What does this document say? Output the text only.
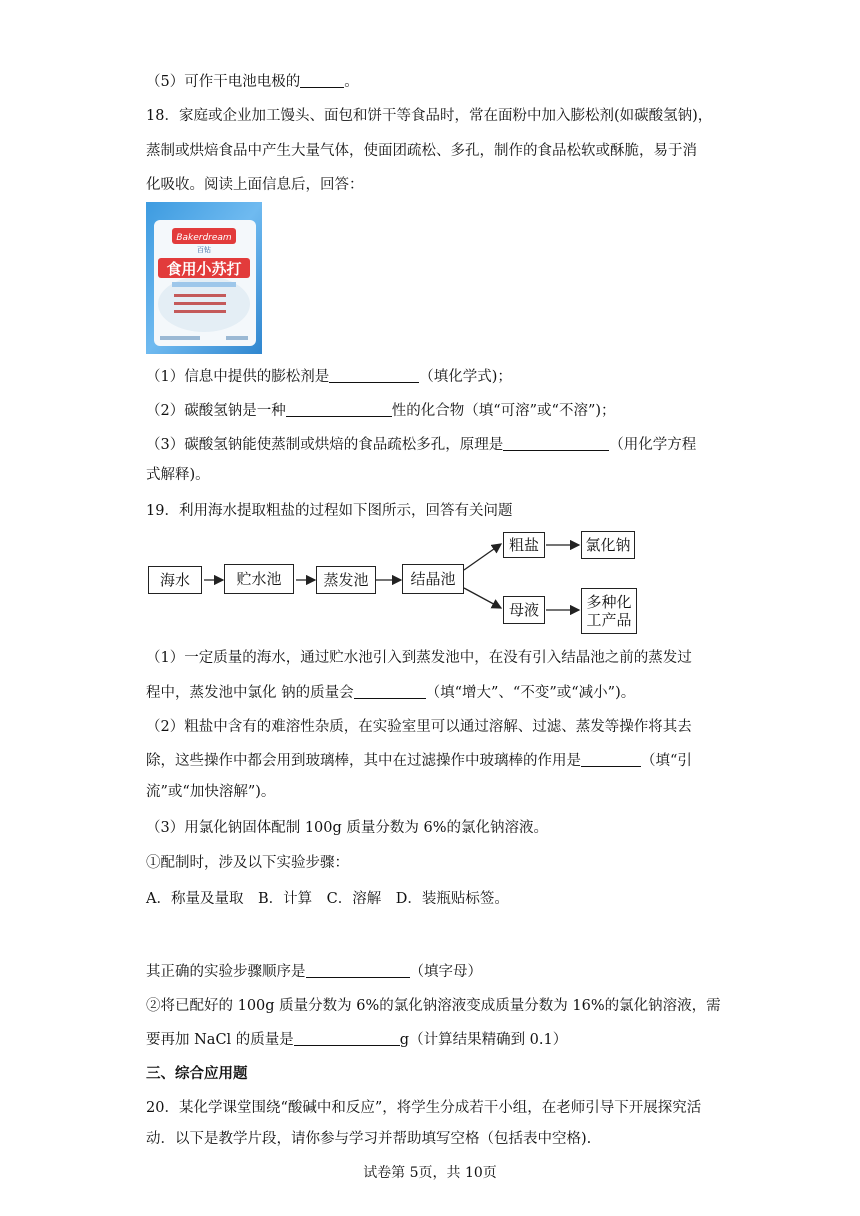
（5）可作干电池电极的	。
18．家庭或企业加工馒头、面包和饼干等食品时，常在面粉中加入膨松剂(如碳酸氢钠)，
蒸制或烘焙食品中产生大量气体，使面团疏松、多孔，制作的食品松软或酥脆，易于消
化吸收。阅读上面信息后，回答：
Bakerdream
百钻
食用小苏打
（1）信息中提供的膨松剂是	（填化学式)；
（2）碳酸氢钠是一种	性的化合物（填“可溶”或“不溶”)；
（3）碳酸氢钠能使蒸制或烘焙的食品疏松多孔，原理是	（用化学方程
式解释)。
19．利用海水提取粗盐的过程如下图所示，回答有关问题
海水	贮水池	蒸发池	结晶池
粗盐	氯化钠
母液	多种化
工产品
（1）一定质量的海水，通过贮水池引入到蒸发池中，在没有引入结晶池之前的蒸发过
程中，蒸发池中氯化 钠的质量会	（填“增大”、“不变”或“减小”)。
（2）粗盐中含有的难溶性杂质，在实验室里可以通过溶解、过滤、蒸发等操作将其去
除，这些操作中都会用到玻璃棒，其中在过滤操作中玻璃棒的作用是	（填“引
流”或“加快溶解”)。
（3）用氯化钠固体配制 100g 质量分数为 6%的氯化钠溶液。
①配制时，涉及以下实验步骤：
A．称量及量取　B．计算　C．溶解　D．装瓶贴标签。
其正确的实验步骤顺序是	（填字母）
②将已配好的 100g 质量分数为 6%的氯化钠溶液变成质量分数为 16%的氯化钠溶液，需
要再加 NaCl 的质量是	g（计算结果精确到 0.1）
三、综合应用题
20．某化学课堂围绕“酸碱中和反应”，将学生分成若干小组，在老师引导下开展探究活
动．以下是教学片段，请你参与学习并帮助填写空格（包括表中空格).
试卷第 5页，共 10页
